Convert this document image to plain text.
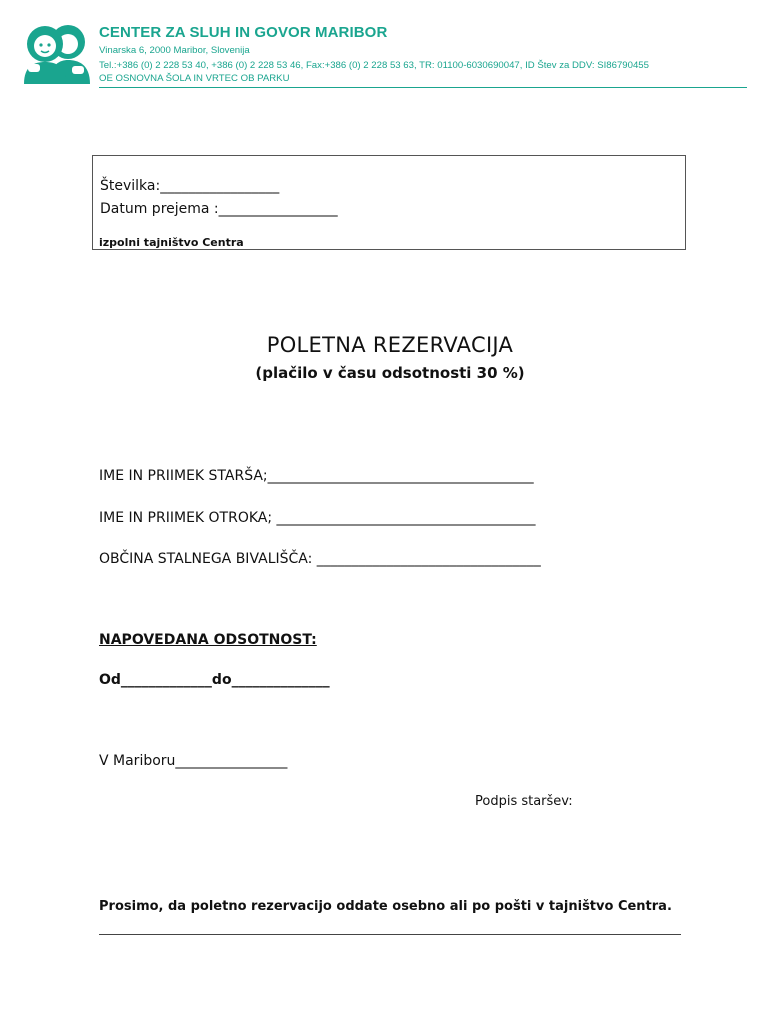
CENTER ZA SLUH IN GOVOR MARIBOR
Vinarska 6, 2000 Maribor, Slovenija
Tel.:+386 (0) 2 228 53 40, +386 (0) 2 228 53 46, Fax:+386 (0) 2 228 53 63, TR: 01100-6030690047, ID Štev za DDV: SI86790455
OE OSNOVNA ŠOLA IN VRTEC OB PARKU
Številka:_________________
Datum prejema :_________________
izpolni tajništvo Centra
POLETNA REZERVACIJA
(plačilo v času odsotnosti 30 %)
IME IN PRIIMEK STARŠA;______________________________________
IME IN PRIIMEK OTROKA; _____________________________________
OBČINA STALNEGA BIVALIŠČA: ________________________________
NAPOVEDANA ODSOTNOST:
Od_____________do______________
V Mariboru________________
Podpis staršev:
Prosimo, da poletno rezervacijo oddate osebno ali po pošti v tajništvo Centra.
